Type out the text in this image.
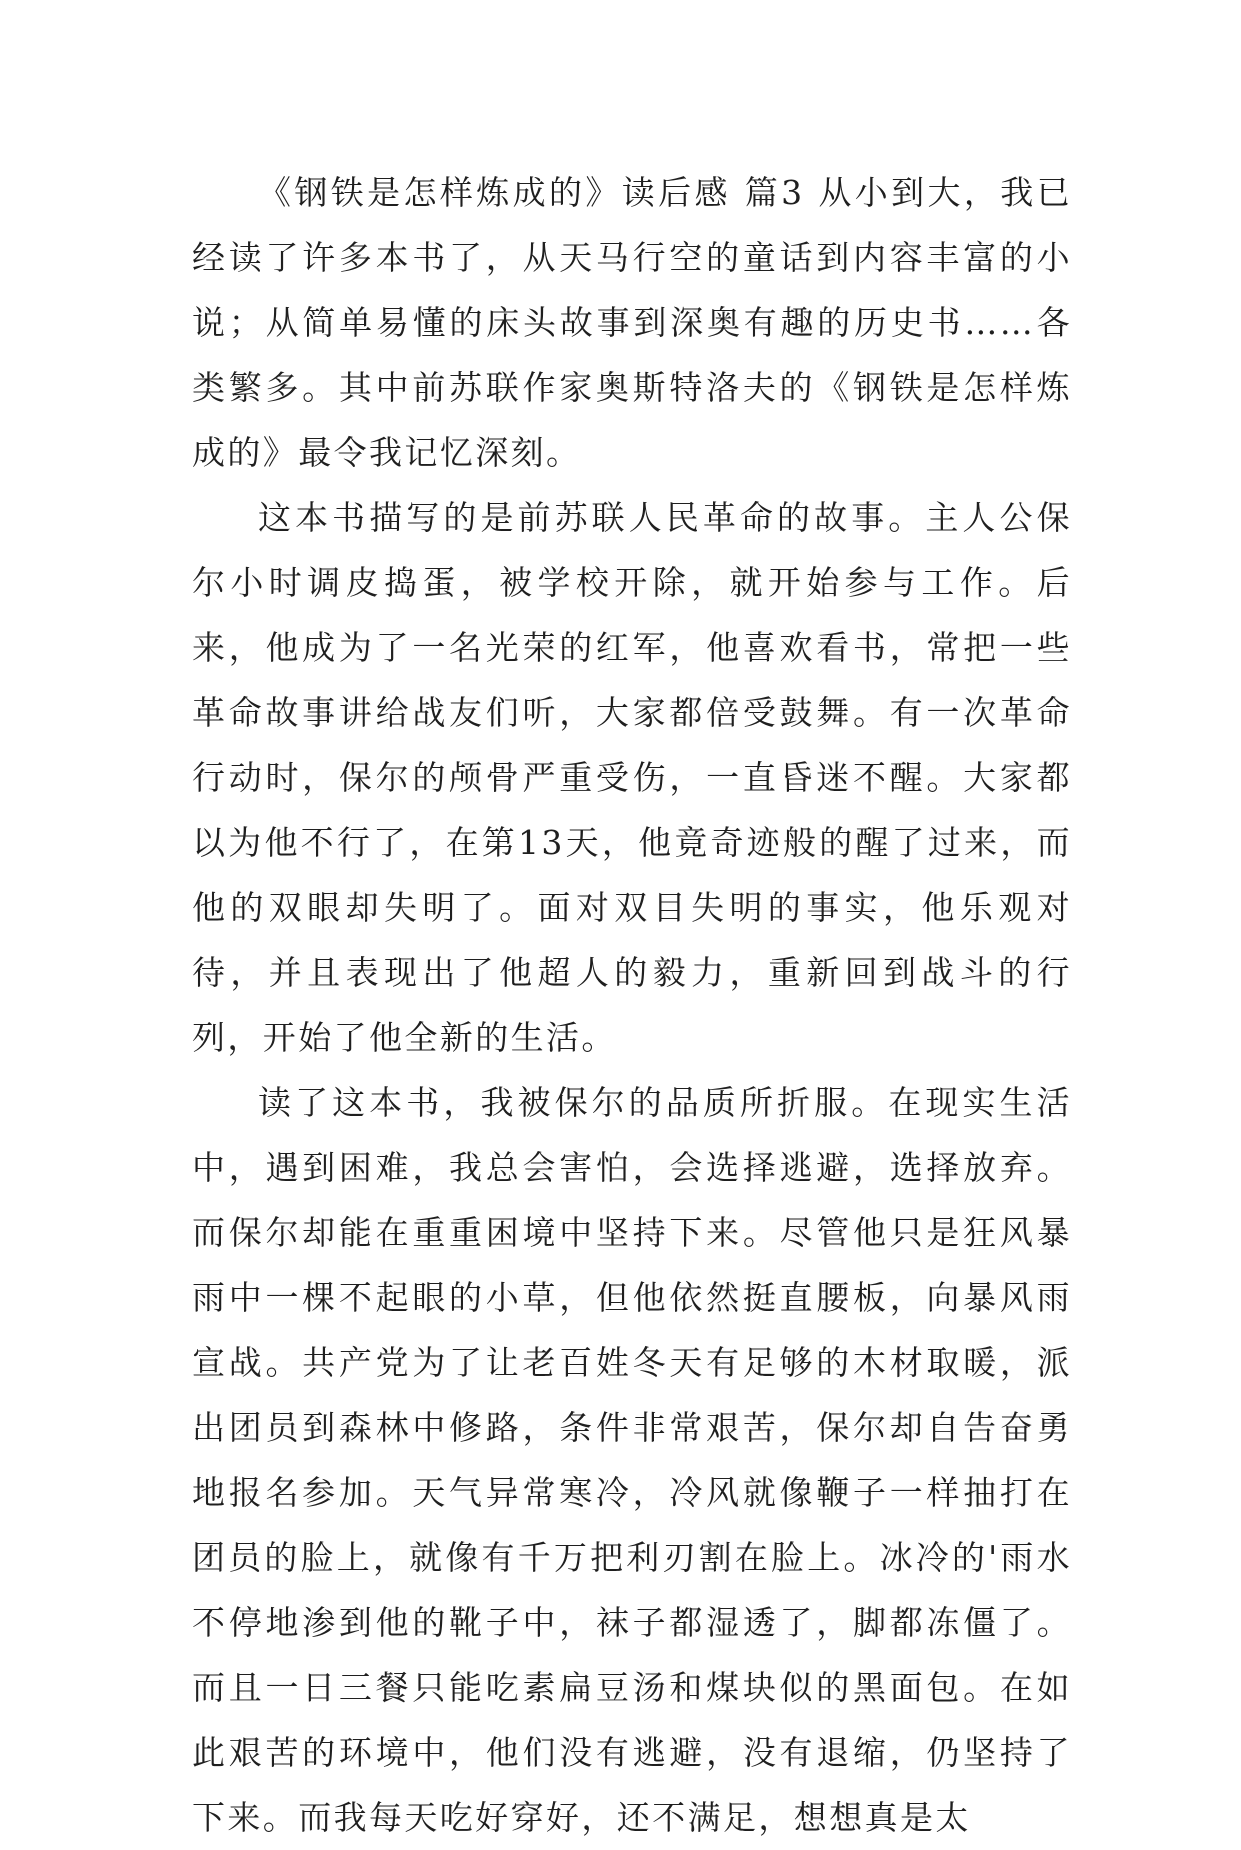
《钢铁是怎样炼成的》读后感 篇3 从小到大，我已经读了许多本书了，从天马行空的童话到内容丰富的小说；从简单易懂的床头故事到深奥有趣的历史书……各类繁多。其中前苏联作家奥斯特洛夫的《钢铁是怎样炼成的》最令我记忆深刻。

这本书描写的是前苏联人民革命的故事。主人公保尔小时调皮捣蛋，被学校开除，就开始参与工作。后来，他成为了一名光荣的红军，他喜欢看书，常把一些革命故事讲给战友们听，大家都倍受鼓舞。有一次革命行动时，保尔的颅骨严重受伤，一直昏迷不醒。大家都以为他不行了，在第13天，他竟奇迹般的醒了过来，而他的双眼却失明了。面对双目失明的事实，他乐观对待，并且表现出了他超人的毅力，重新回到战斗的行列，开始了他全新的生活。

读了这本书，我被保尔的品质所折服。在现实生活中，遇到困难，我总会害怕，会选择逃避，选择放弃。而保尔却能在重重困境中坚持下来。尽管他只是狂风暴雨中一棵不起眼的小草，但他依然挺直腰板，向暴风雨宣战。共产党为了让老百姓冬天有足够的木材取暖，派出团员到森林中修路，条件非常艰苦，保尔却自告奋勇地报名参加。天气异常寒冷，冷风就像鞭子一样抽打在团员的脸上，就像有千万把利刃割在脸上。冰冷的'雨水不停地渗到他的靴子中，袜子都湿透了，脚都冻僵了。而且一日三餐只能吃素扁豆汤和煤块似的黑面包。在如此艰苦的环境中，他们没有逃避，没有退缩，仍坚持了下来。而我每天吃好穿好，还不满足，想想真是太
